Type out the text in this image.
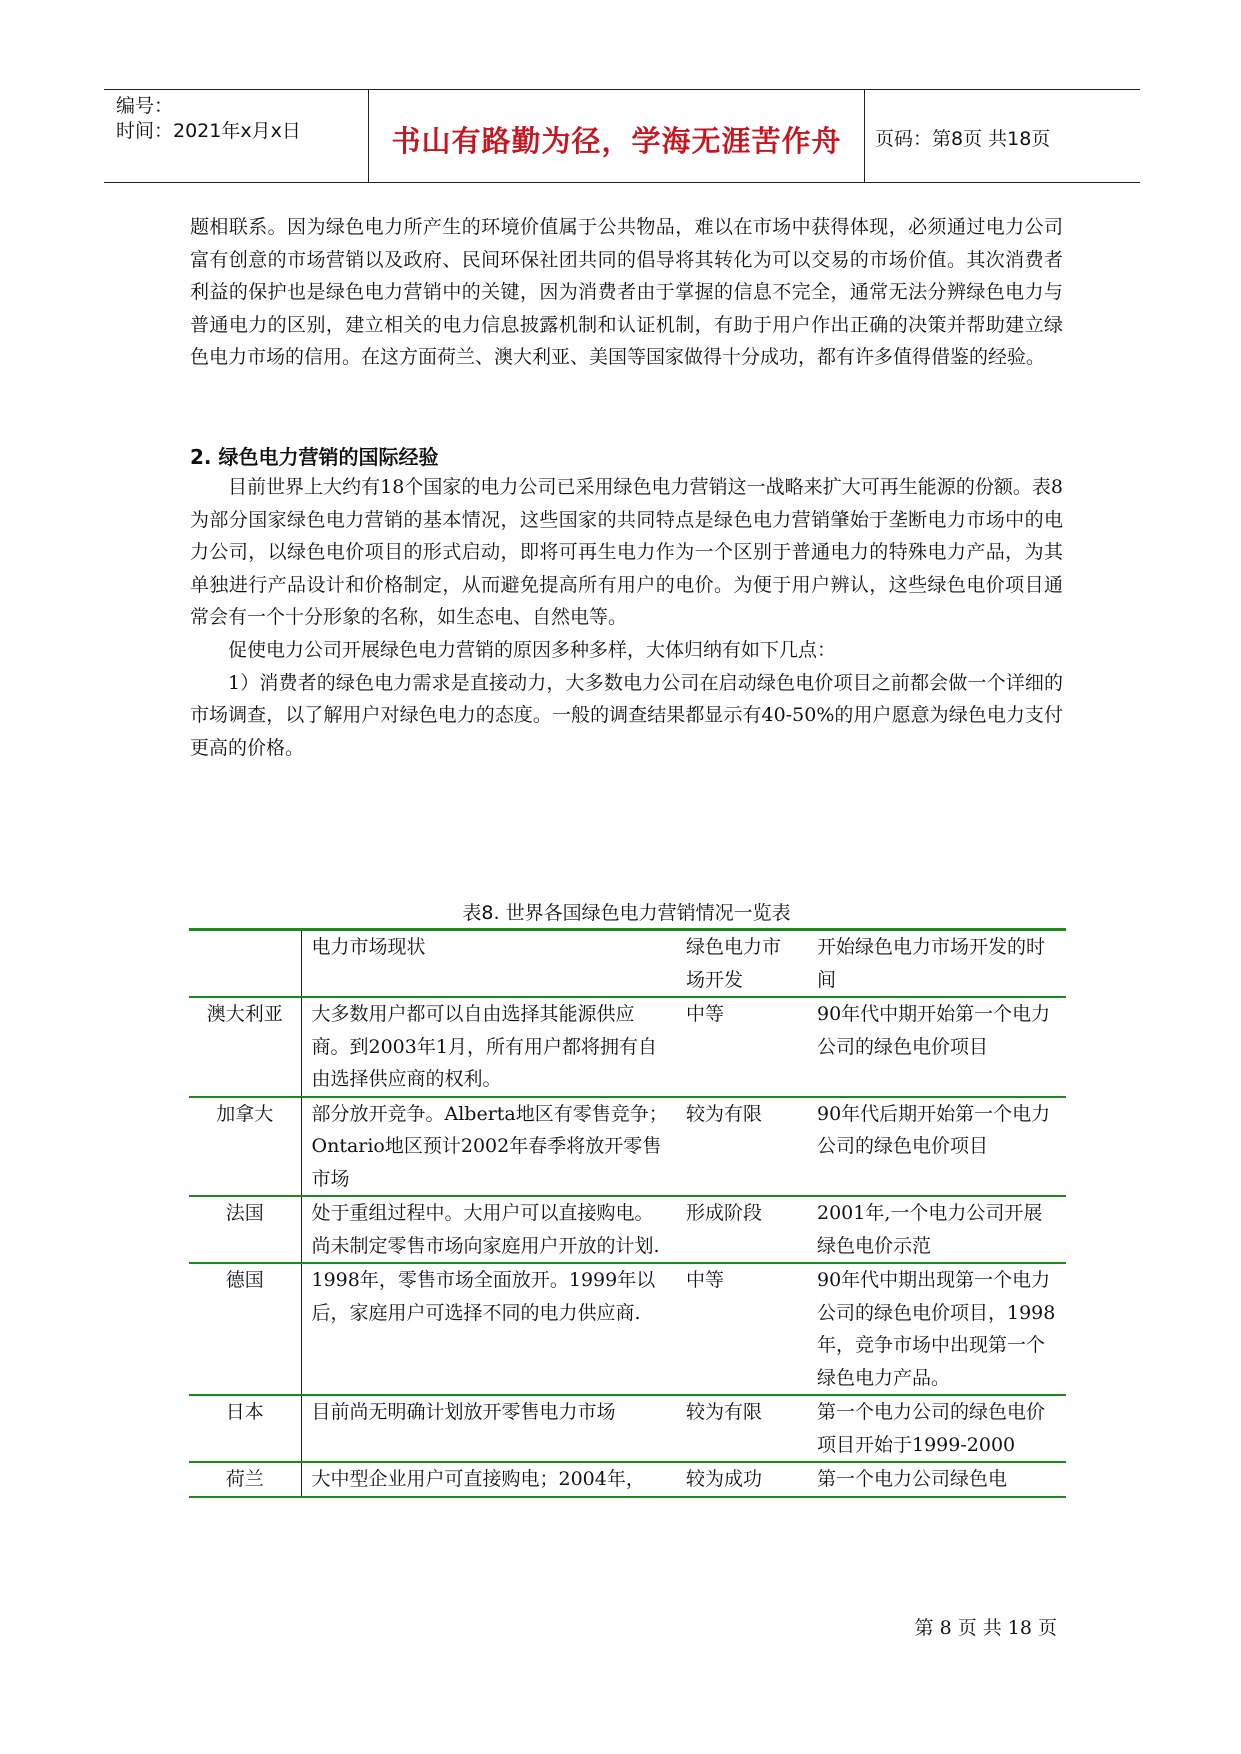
编号：
时间：2021年x月x日	书山有路勤为径，学海无涯苦作舟	页码：第8页 共18页

题相联系。因为绿色电力所产生的环境价值属于公共物品，难以在市场中获得体现，必须通过电力公司富有创意的市场营销以及政府、民间环保社团共同的倡导将其转化为可以交易的市场价值。其次消费者利益的保护也是绿色电力营销中的关键，因为消费者由于掌握的信息不完全，通常无法分辨绿色电力与普通电力的区别，建立相关的电力信息披露机制和认证机制，有助于用户作出正确的决策并帮助建立绿色电力市场的信用。在这方面荷兰、澳大利亚、美国等国家做得十分成功，都有许多值得借鉴的经验。

2. 绿色电力营销的国际经验

目前世界上大约有18个国家的电力公司已采用绿色电力营销这一战略来扩大可再生能源的份额。表8为部分国家绿色电力营销的基本情况，这些国家的共同特点是绿色电力营销肇始于垄断电力市场中的电力公司，以绿色电价项目的形式启动，即将可再生电力作为一个区别于普通电力的特殊电力产品，为其单独进行产品设计和价格制定，从而避免提高所有用户的电价。为便于用户辨认，这些绿色电价项目通常会有一个十分形象的名称，如生态电、自然电等。

促使电力公司开展绿色电力营销的原因多种多样，大体归纳有如下几点：

1）消费者的绿色电力需求是直接动力，大多数电力公司在启动绿色电价项目之前都会做一个详细的市场调查，以了解用户对绿色电力的态度。一般的调查结果都显示有40-50%的用户愿意为绿色电力支付更高的价格。

表8. 世界各国绿色电力营销情况一览表
	电力市场现状	绿色电力市场开发	开始绿色电力市场开发的时间
澳大利亚	大多数用户都可以自由选择其能源供应商。到2003年1月，所有用户都将拥有自由选择供应商的权利。	中等	90年代中期开始第一个电力公司的绿色电价项目
加拿大	部分放开竞争。Alberta地区有零售竞争；Ontario地区预计2002年春季将放开零售市场	较为有限	90年代后期开始第一个电力公司的绿色电价项目
法国	处于重组过程中。大用户可以直接购电。尚未制定零售市场向家庭用户开放的计划.	形成阶段	2001年,一个电力公司开展绿色电价示范
德国	1998年，零售市场全面放开。1999年以后，家庭用户可选择不同的电力供应商.	中等	90年代中期出现第一个电力公司的绿色电价项目，1998年，竞争市场中出现第一个绿色电力产品。
日本	目前尚无明确计划放开零售电力市场	较为有限	第一个电力公司的绿色电价项目开始于1999-2000
荷兰	大中型企业用户可直接购电；2004年，	较为成功	第一个电力公司绿色电
第 8 页 共 18 页
